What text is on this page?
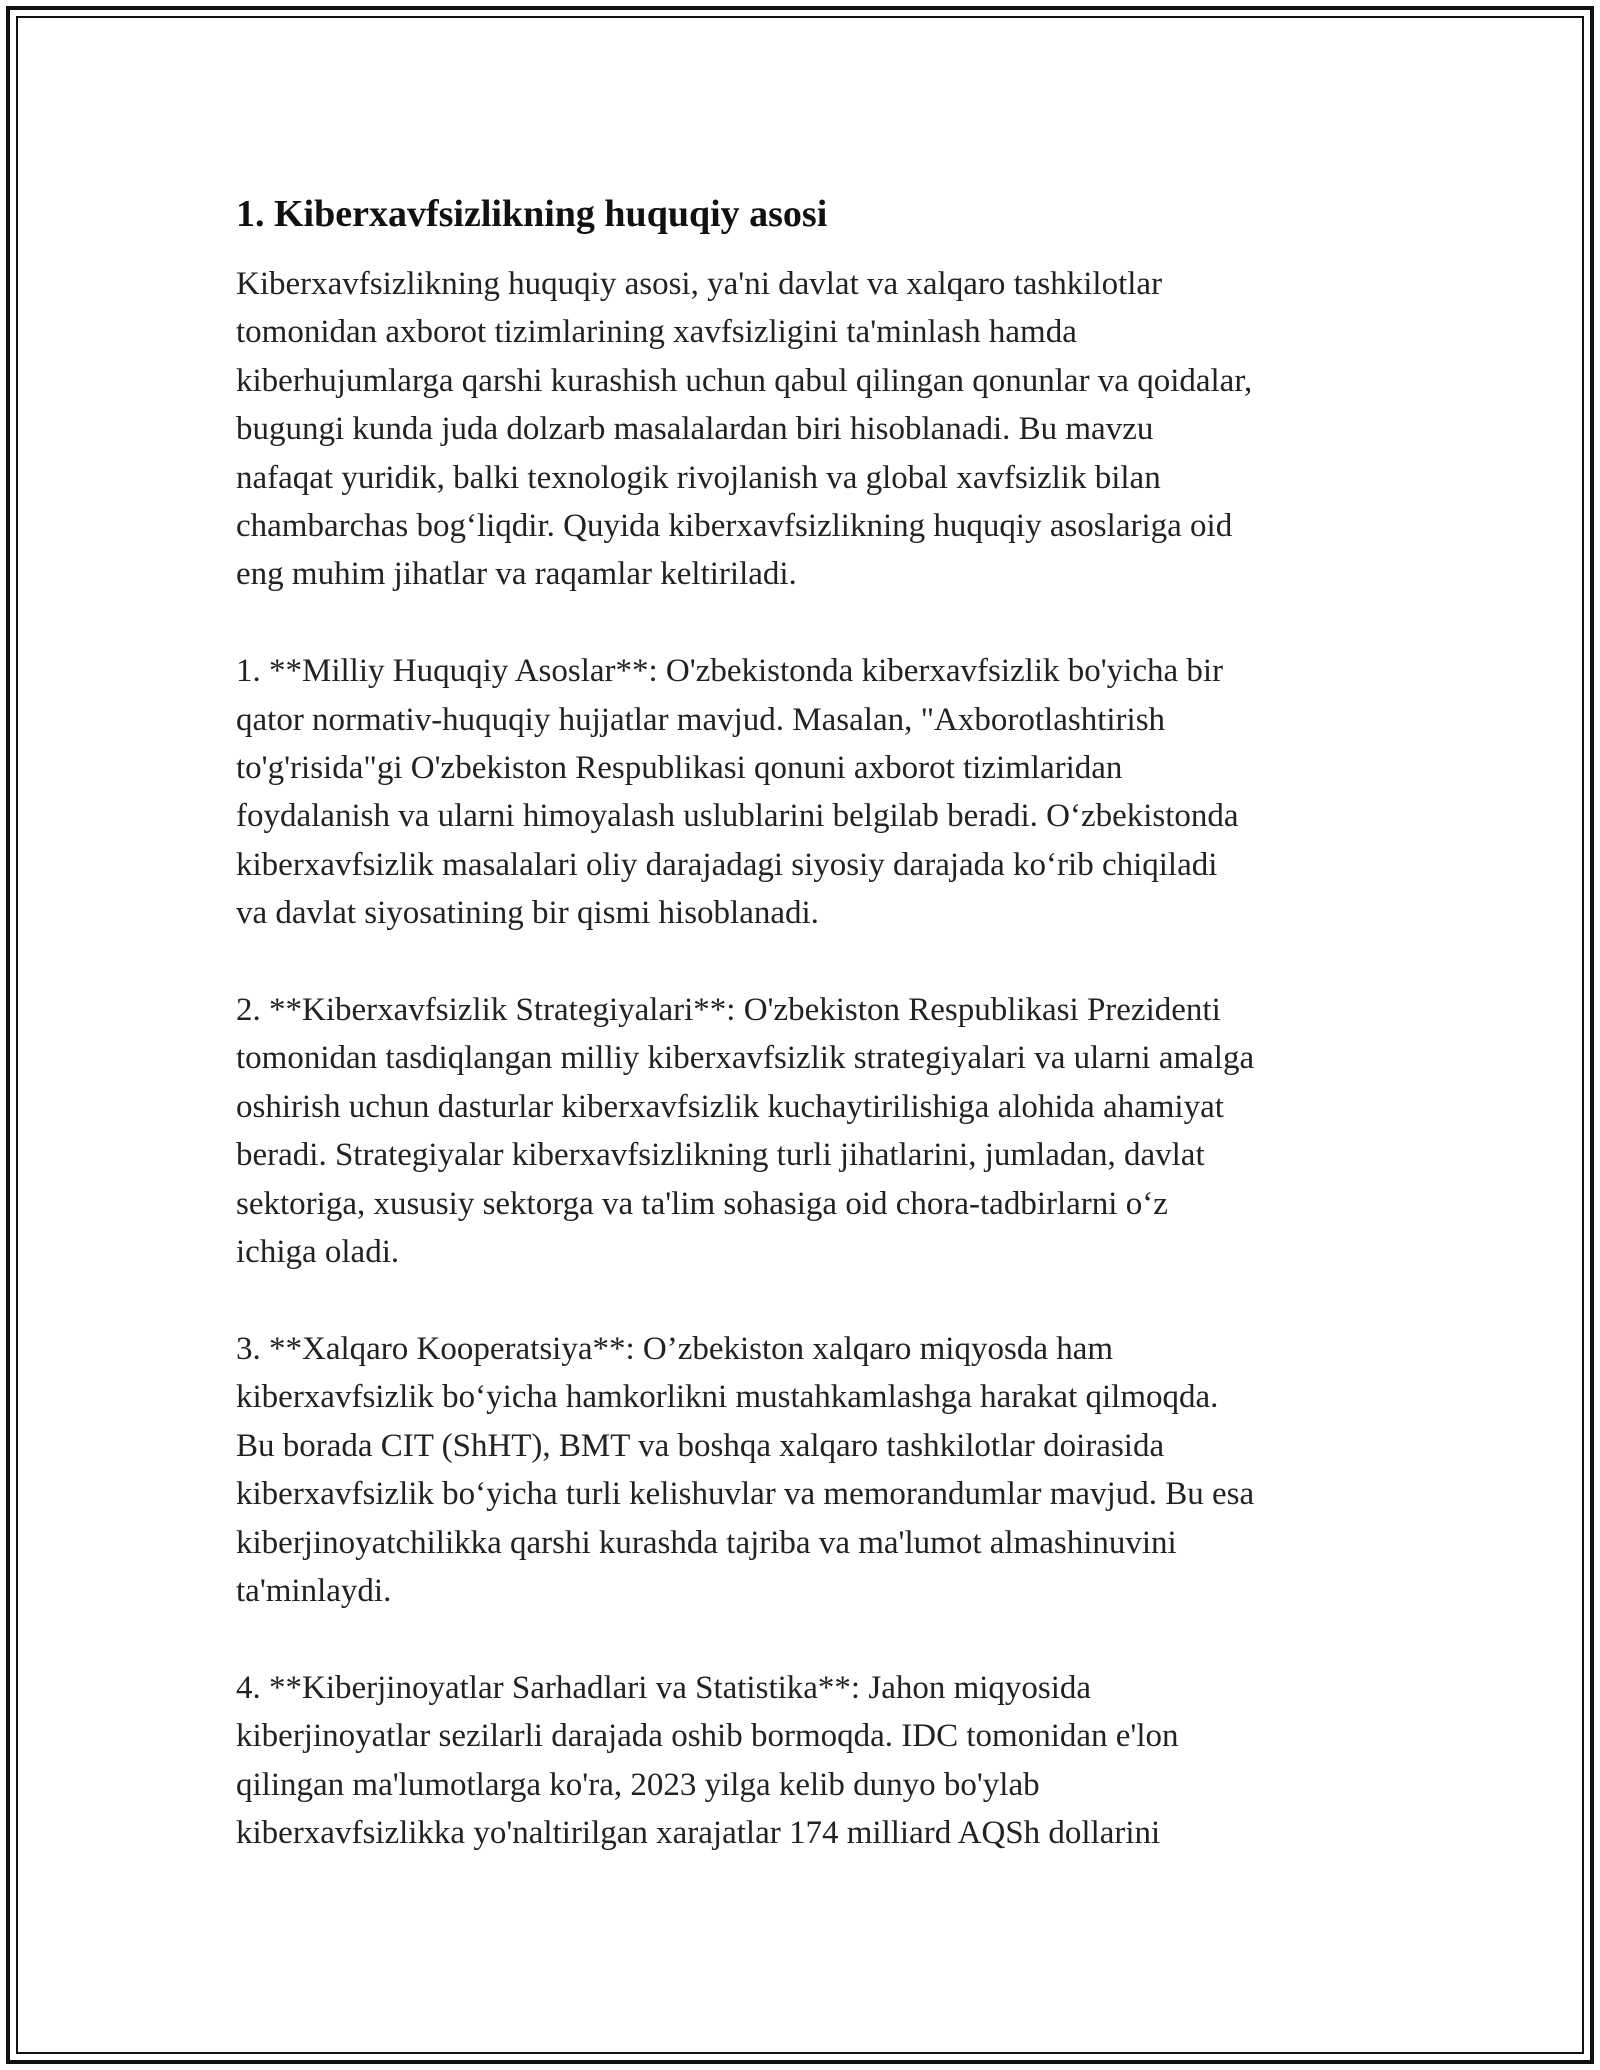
1. Kiberxavfsizlikning huquqiy asosi

Kiberxavfsizlikning huquqiy asosi, ya'ni davlat va xalqaro tashkilotlar
tomonidan axborot tizimlarining xavfsizligini ta'minlash hamda
kiberhujumlarga qarshi kurashish uchun qabul qilingan qonunlar va qoidalar,
bugungi kunda juda dolzarb masalalardan biri hisoblanadi. Bu mavzu
nafaqat yuridik, balki texnologik rivojlanish va global xavfsizlik bilan
chambarchas bog‘liqdir. Quyida kiberxavfsizlikning huquqiy asoslariga oid
eng muhim jihatlar va raqamlar keltiriladi.

1. **Milliy Huquqiy Asoslar**: O'zbekistonda kiberxavfsizlik bo'yicha bir
qator normativ-huquqiy hujjatlar mavjud. Masalan, "Axborotlashtirish
to'g'risida"gi O'zbekiston Respublikasi qonuni axborot tizimlaridan
foydalanish va ularni himoyalash uslublarini belgilab beradi. O‘zbekistonda
kiberxavfsizlik masalalari oliy darajadagi siyosiy darajada ko‘rib chiqiladi
va davlat siyosatining bir qismi hisoblanadi.

2. **Kiberxavfsizlik Strategiyalari**: O'zbekiston Respublikasi Prezidenti
tomonidan tasdiqlangan milliy kiberxavfsizlik strategiyalari va ularni amalga
oshirish uchun dasturlar kiberxavfsizlik kuchaytirilishiga alohida ahamiyat
beradi. Strategiyalar kiberxavfsizlikning turli jihatlarini, jumladan, davlat
sektoriga, xususiy sektorga va ta'lim sohasiga oid chora-tadbirlarni o‘z
ichiga oladi.

3. **Xalqaro Kooperatsiya**: O’zbekiston xalqaro miqyosda ham
kiberxavfsizlik bo‘yicha hamkorlikni mustahkamlashga harakat qilmoqda.
Bu borada CIT (ShHT), BMT va boshqa xalqaro tashkilotlar doirasida
kiberxavfsizlik bo‘yicha turli kelishuvlar va memorandumlar mavjud. Bu esa
kiberjinoyatchilikka qarshi kurashda tajriba va ma'lumot almashinuvini
ta'minlaydi.

4. **Kiberjinoyatlar Sarhadlari va Statistika**: Jahon miqyosida
kiberjinoyatlar sezilarli darajada oshib bormoqda. IDC tomonidan e'lon
qilingan ma'lumotlarga ko'ra, 2023 yilga kelib dunyo bo'ylab
kiberxavfsizlikka yo'naltirilgan xarajatlar 174 milliard AQSh dollarini
